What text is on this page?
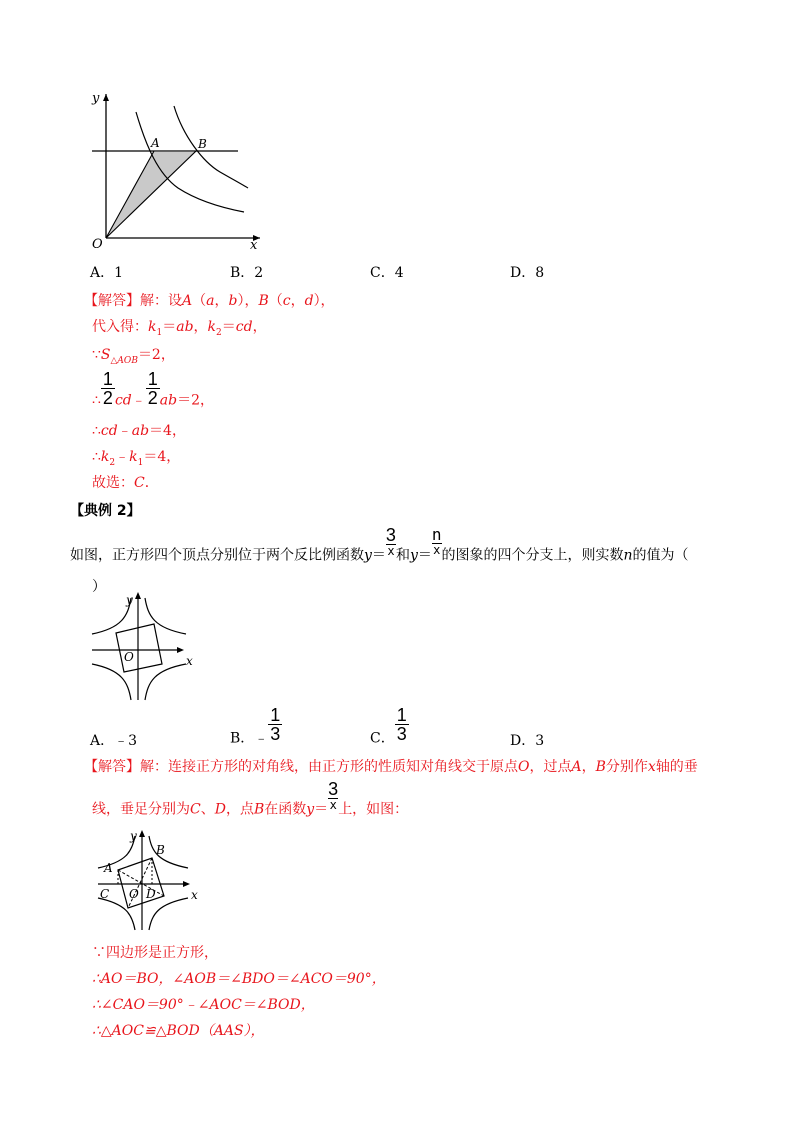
y
x
O
A	B
A．1	B．2	C．4	D．8
【解答】解：设A（a，b），B（c，d），
代入得：$k_1=ab$，$k_2=cd$，
$\because S_{\triangle AOB}=2$，
∴ $\frac{1}{2}$ cd﹣ $\frac{1}{2} ab=2$，
∴cd﹣ab＝4，
$\therefore k_2﹣k_1=4$，
故选：C．
【典例 2】
如图，正方形四个顶点分别位于两个反比例函数$y= \frac{3}{x}$ 和$y= \frac{n}{x}$ 的图象的四个分支上，则实数n的值为（
）
y
x
O
A．﹣3	B．﹣ $\frac{1}{3}$	C． $\frac{1}{3}$	D．3
【解答】解：连接正方形的对角线，由正方形的性质知对角线交于原点O，过点A，B分别作x轴的垂
线，垂足分别为C、D，点B在函数$y= \frac{3}{x}$ 上，如图：
y
x
O
A
B
C	D
∵四边形是正方形，
∴AO＝BO，∠AOB＝∠BDO＝∠ACO＝90°，
∴∠CAO＝90°﹣∠AOC＝∠BOD，
∴△AOC≌△BOD（AAS），
